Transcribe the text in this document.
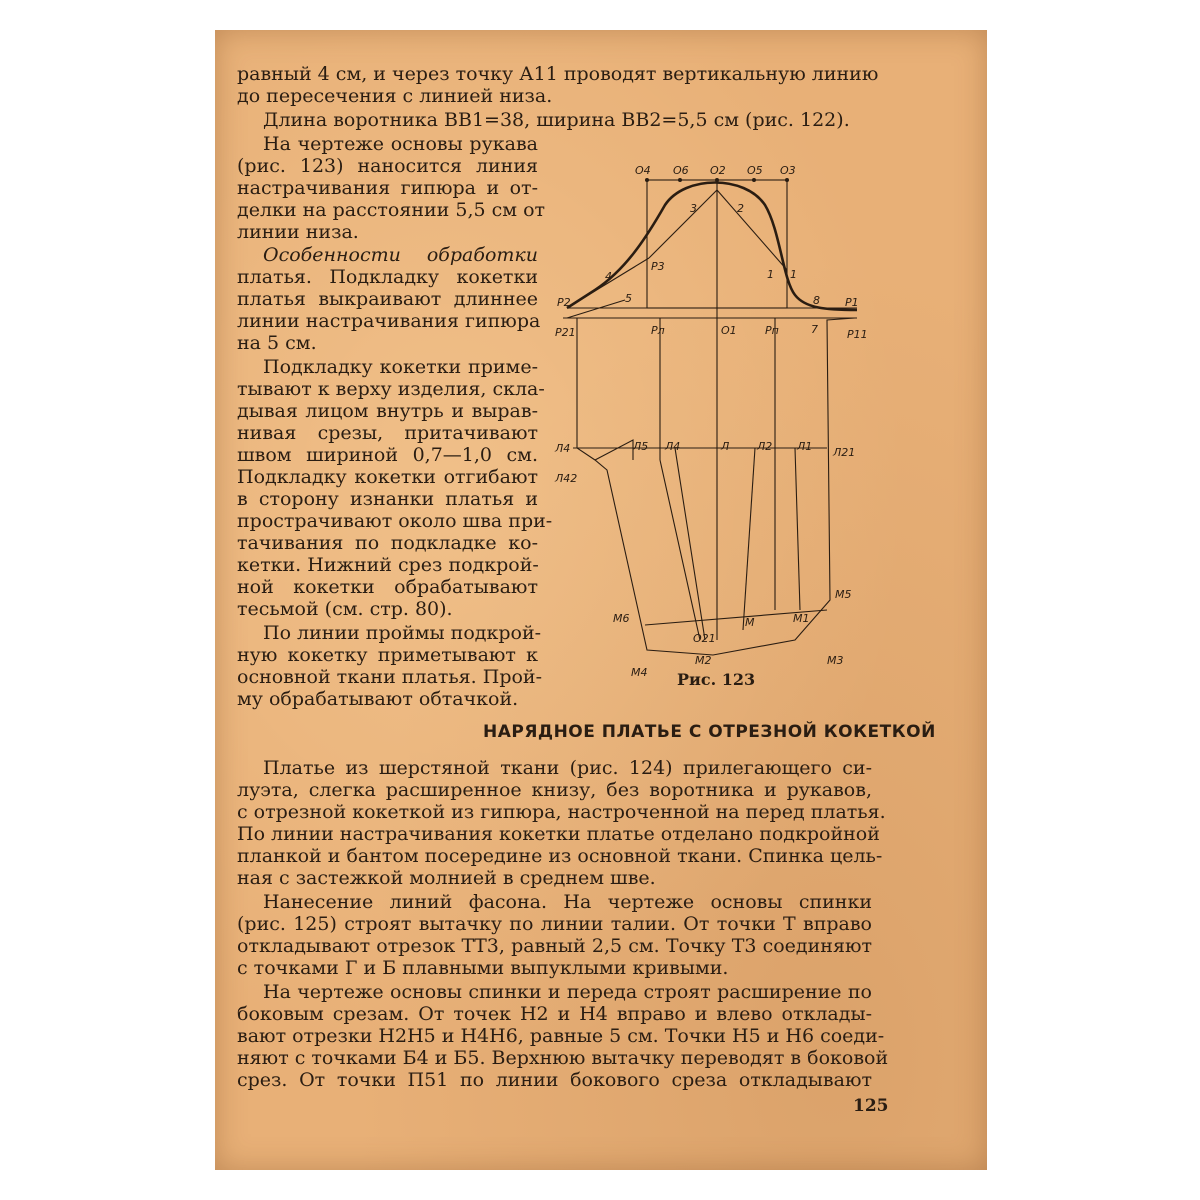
равный 4 см, и через точку А11 проводят вертикальную линию
до пересечения с линией низа.
Длина воротника ВВ1=38, ширина ВВ2=5,5 см (рис. 122).
На чертеже основы рукава
(рис. 123) наносится линия
настрачивания гипюра и от-
делки на расстоянии 5,5 см от
линии низа.
Особенности обработки
платья. Подкладку кокетки
платья выкраивают длиннее
линии настрачивания гипюра
на 5 см.
Подкладку кокетки приме-
тывают к верху изделия, скла-
дывая лицом внутрь и вырав-
нивая срезы, притачивают
швом шириной 0,7—1,0 см.
Подкладку кокетки отгибают
в сторону изнанки платья и
прострачивают около шва при-
тачивания по подкладке ко-
кетки. Нижний срез подкрой-
ной кокетки обрабатывают
тесьмой (см. стр. 80).
По линии проймы подкрой-
ную кокетку приметывают к
основной ткани платья. Прой-
му обрабатывают обтачкой.
О4 О6 О2 О5 О3
3	2
1 1
4
5	8
7
Р3
Р2	Р1
Р21	Р11
Рл	О1	Рп
Л4	Л5 Л4	Л	Л2 Л1 Л21
Л42
М5
М6
О21
М	М1
М4
М2	М3
Рис. 123
НАРЯДНОЕ ПЛАТЬЕ С ОТРЕЗНОЙ КОКЕТКОЙ
Платье из шерстяной ткани (рис. 124) прилегающего си-
луэта, слегка расширенное книзу, без воротника и рукавов,
с отрезной кокеткой из гипюра, настроченной на перед платья.
По линии настрачивания кокетки платье отделано подкройной
планкой и бантом посередине из основной ткани. Спинка цель-
ная с застежкой молнией в среднем шве.
Нанесение линий фасона. На чертеже основы спинки
(рис. 125) строят вытачку по линии талии. От точки Т вправо
откладывают отрезок ТТ3, равный 2,5 см. Точку Т3 соединяют
с точками Г и Б плавными выпуклыми кривыми.
На чертеже основы спинки и переда строят расширение по
боковым срезам. От точек Н2 и Н4 вправо и влево отклады-
вают отрезки Н2Н5 и Н4Н6, равные 5 см. Точки Н5 и Н6 соеди-
няют с точками Б4 и Б5. Верхнюю вытачку переводят в боковой
срез. От точки П51 по линии бокового среза откладывают
125
